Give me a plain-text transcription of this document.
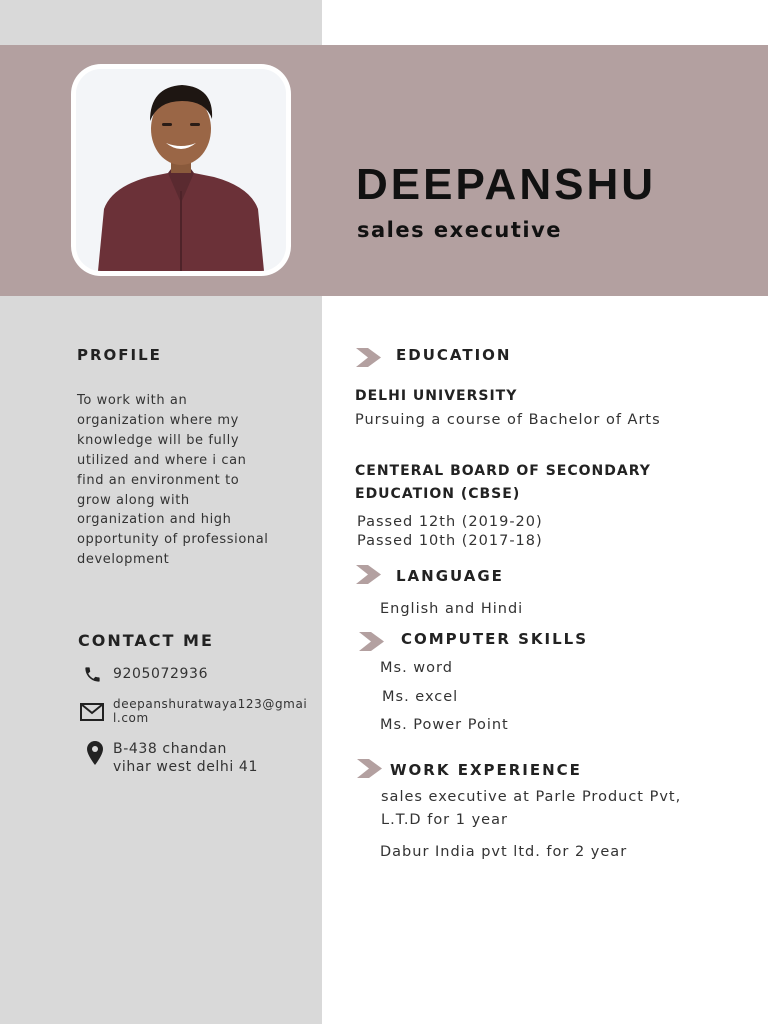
DEEPANSHU
sales executive
PROFILE
To work with an organization where my knowledge will be fully utilized and where i can find an environment to grow along with organization and high opportunity of professional development
CONTACT ME
9205072936
deepanshuratwaya123@gmail.com
B-438 chandan
vihar west delhi 41
EDUCATION
DELHI UNIVERSITY
Pursuing a course of Bachelor of Arts
CENTERAL BOARD OF SECONDARY
EDUCATION (CBSE)
Passed 12th (2019-20)
Passed 10th (2017-18)
LANGUAGE
English and Hindi
COMPUTER SKILLS
Ms. word
Ms. excel
Ms. Power Point
WORK EXPERIENCE
sales executive at Parle Product Pvt,
L.T.D for 1 year
Dabur India pvt ltd. for 2 year
